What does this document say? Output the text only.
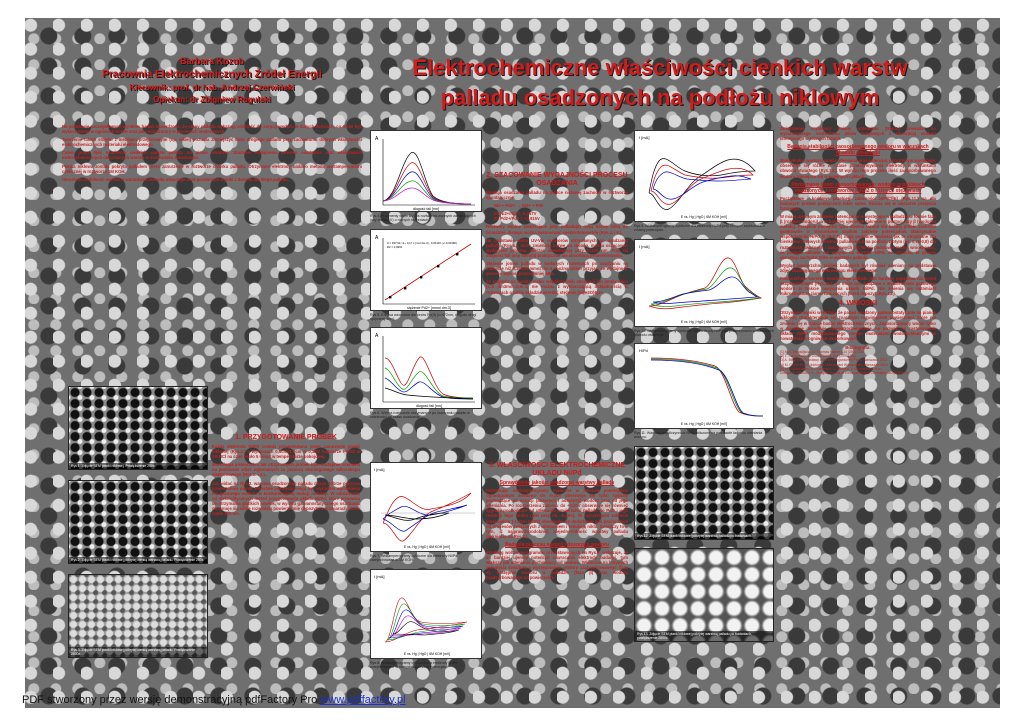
Barbara Kozub
Pracownia Elektrochemicznych Źródeł Energii
Kierownik: prof. dr hab. Andrzej Czerwiński
Opiekun: dr Zbigniew Rogulski
Elektrochemiczne właściwości cienkich warstw
palladu osadzonych na podłożu niklowym

Na podstawie szczegółowych wyników badań stwierdzono, że stopy palladu wykazują zdolność do sorpcji wodoru w dużych ilościach, co może być wykorzystane w ogniwach Ni-MH oraz jako katalizatory w procesach wodorowych.

Tworzenie takich stopów z metalami przejściowymi (np. nikiel) pozwala zmniejszyć ilość drogiego palladu przy zachowaniu dobrych właściwości elektrochemicznych materiału elektrodowego.

Celem pracy było osadzenie cienkich warstw palladu na pianie niklowej, zbadanie wydajności procesu osadzania oraz właściwości elektrochemicznych otrzymanych warstw w środowisku zasadowym.

Pianka niklowa została pokryta palladem przez zanurzenie w roztworze chlorku palladu. Otrzymane elektrody badano metodą woltamperometrii cyklicznej w roztworze 1M KOH.

Określono stabilność warstw w warunkach obwodu otwartego oraz porównano wyniki z danymi dla litego palladu.

Rys.1. Zdjęcie SEM pianki niklowej. Powiększenie 250x.
Rys.2. Zdjęcie SEM pianki niklowej pokrytej cienką warstwą palladu. Powiększenie 250x.
Rys.3. Zdjęcie SEM pianki niklowej pokrytej cienką warstwą palladu. Powiększenie 2500x.
1. PRZYGOTOWANIE PRÓBEK

Każda elektroda Ni/Pd została przygotowana przez zanurzenie pianki niklowej (Rys.1.) o wymiarach 0,5cmx1,0cm w 0,11M roztworze PdCl2 w 1M HCl na czas około 5 minut w temperaturze pokojowej.

Morfologia powierzchni tak otrzymanych próbek była następnie oceniana na podstawie zdjęć wykonanych za pomocą skaningowego mikroskopu elektronowego (Rys.2. i 3.).

Jak widać na Rys.2. warstwa osadzonego palladu dosyć dobrze pokrywa powierzchnię pianki. Powstałe pęknięcia mogą być wynikiem wydzielenia się gazowego wodoru w konkurencyjnej reakcji redukcji. W odróżnieniu od elektrolitycznych metod przygotowania układu Ni/Pd, które prowadzą do otrzymania gładkich powłok, w wyniku galwanostatycznego osadzania otrzymuje się silnie rozwiniętą powierzchnię depozytu o rozmiarach ziaren rzędu 100 nm.

A
długość fali [nm]
Rys.4. Fragmenty widm UV-Vis roztworów wodnych zawierających jony palladu(II) o różnych stężeniach.
A
A = 937,94 ×1+ 0,17 x [mol dm-3] - 0,00116 (+/-0,00460)
R2 = 0,9991
stężenie Pd2+ [mmol dm-3]
Rys.5. Krzywa wzorcowa dla jonów Pd(II) (λ=472nm, długość drogi optycznej 1cm).
A
długość fali [nm]
Rys.6. Widma roztworów otrzymanych po osadzaniu palladu w zależności od czasu osadzania.
2. SZACOWANIE WYDAJNOŚCI PROCESU
OSADZANIA

Reakcja osadzania palladu na piance niklowej zachodzi w roztworze spontanicznie:

Ni0 + Pd2+ → Ni2+ + Pd0

E0 Ni2+/Ni0 = -0,257V

E0 Pd2+/Pd0 = +0,915V

Roztwory wodne zawierające jony palladu(II) mają barwę żółtą do brunatnej, dlatego można zastosować spektrofotometrię (Rys.4. i 5.).

Na podstawie widm UV-Vis roztworów otrzymanych po osadzaniu palladu (Rys.6.), które zmieniają barwę na zieloną, można oszacować wydajność procesu mierząc absorbancję przy λ=472 nm. Przy tej długości fali jony niklu(II) praktycznie nie absorbują promieniowania.

Stężenie jonów palladu w badanych roztworach po osadzaniu są mniejsze niż 0,35036 mmol dm-3, można zatem przyjąć, że wydajność procesu wynosi przynajmniej 99%.

Ze względu na bardzo niskie współczynniki absorpcji dla jonów niklu (ε=5 dm3mol-1cm-1) nie można z wystarczającą dokładnością w roztworach o takim składzie określić stężenia [Ni(H2O)6]2+.

3. WŁAŚCIWOŚCI ELEKTROCHEMICZNE
UKŁADU Ni/Pd
Sprawdzenie jakości osadzonej warstwy palladu

Rejestrując woltamperogramy cykliczne w zakresie potencjałów ograniczonym anodowo do -0,10V obserwuje się tylko sygnały pochodzące od sorpcji (absorpcji i adsorpcji) wodoru oraz od jego utleniania. Po rozszerzeniu zakresu do +0,30V obserwuje się również sygnały pochodzące od utleniania powierzchni palladu do PdO i jego redukcji tego tlenku (piki przy ok. -0,20V). W najszerszym zakresie potencjałów (-1,10V÷0,55V) obserwuje się dodatkowo piki pochodzące od procesów związanych z utlenianiem i redukcją niklu. Świadczy to o tym, iż najprawdopodobniej niejednorodność warstwy palladu (pęknięcia na Rys.2.).

Badania procesu sorpcji i desorpcji wodoru

Przebieg woltamperogramów przedstawionych na Rys.8. wskazuje, że im bardziej ujemny potencjał zawracania elektrody badanej, tym większy pik utleniania pochodzący od wodoru. Widoczne na krzywych przegięcia świadczą o występowaniu wodoru zaabsorbowanego (faza α), następnie wodoru w palladzie (faza β) oraz wodoru zaadsorbowanego na powierzchni.

I [mA]
E vs. Hg | HgO | 6M KOH [mV]
Rys.7. Woltamperogramy cykliczne dla elektrody Ni/Pd zarejestrowane w 1M KOH.
I [mA]
E vs. Hg | HgO | 6M KOH [mV]
Rys.8. Woltamperogramy cykliczne dla elektrody Ni/Pd zarejestrowane w różnych zakresach potencjału.
I [mA]
E vs. Hg | HgO | 6M KOH [mV]
Rys.9. Woltamperogramy cykliczne dla elektrody Ni/Pd przy różnych szybkościach zmiany potencjału.
I [mA]
E vs. Hg | HgO | 6M KOH [mV]
Rys.10. Woltamperogramy cykliczne dla elektrody Ni/Pd po przetrzymaniu w warunkach obwodu otwartego.
H/Pd
E vs. Hg | HgO | 6M KOH [mV]
Rys.11. Wartości współczynnika H/Pd obliczone na podstawie ładunku utleniania wodoru.
Rys.12. Zdjęcie SEM pianki niklowej pokrytej warstwą palladu po badaniach.
Rys.13. Zdjęcie SEM pianki niklowej pokrytej warstwą palladu po badaniach, powiększenie 2500x.

Zwiększenie szybkości zmiany potencjału (Rys.9.) prowadzi do wyraźniejszego rozdzielenia pików związanych z desorpcją wodoru istniejącego w różnych fazach.

Badanie stabilności zaosorbowanego wodoru w warunkach obwodu otwartego

Maksymalne wartości prądu utleniania oraz potencjał, przy którym występuje, obserwuje się różnie w czasie przetrzymywania elektrody w warunkach obwodu otwartego (Rys.10.). W wyniku tego procesu ilość zaabsorbowanego wodoru zmniejsza się w kolejnych cyklach.

Porównanie ilości zaosorbowanego wodoru w próbkach osadzonych z roztworów PdCl2 o różnych stężeniach

Początkowe i końcowe przebiegi zależności H/Pd=f(E) (Rys.11.) są dla badanych próbek praktycznie takie same. Różnią się w obszarze przejścia fazowego.

W miarę ujemnym zakresie potencjałów H występuje w palladzie w formie fazy β (roztwór wodoru), a w bardziej ujemnym zakresie w postaci fazy β (wodorku metalu). Przejście pomiędzy tymi dwoma fazami dla każdej próbki zachodzi gwałtownie w stosunkowo wąskim zakresie potencjałów. Maksymalne współczynniki H/Pd (0,78-0,76) mają podobne wartości jak te otrzymane dla cienkowarstwowych elektrod palladowych na podłożu złotym (ok. 0,75-0,8) dla roztworach kwaśnych i zasadowych [5]. Na tej podstawie można wnioskować, że podłoże niklowe nie wpływa na wartość H/Pd, co oznacza, że proces absorpcji zachodzi tylko w warstwie palladu.

Wygląd powierzchni próbek badanych był również oceniany na podstawie zdjęć skaningowego mikroskopu elektronowego.

Powierzchnia warstwy osadzonego palladu jest bardziej popękana niż przed eksperymentami (Rys.12.), co może być związane z wydzielaniem gazowego wodoru w trakcie nasycania układu Ni/Pd. Nie zmienia się natomiast mikrostruktura ziaren tworzących przed depozyt (Rys.13.).

4. WNIOSKI

Otrzymane wyniki wskazują, że pallad osadzony galwanostatycznie na piance niklowej charakteryzuje się znacznym rozwinięciem powierzchni, które nie zmienia się w trakcie badań elektrochemicznych. Zaabsorbowany wodór tylko w warstwie desorbuje nieelektrochemicznie, co pozwoli na zastosowanie układu Ni/Pd modyfikowanego innymi materiałami wodorochłonnymi w nowatorskich ogniwach wodorkowych.

Bibliografia:
[1] M.A. Brousiljkusz, i.l. Thomas Nature 414 (2001) 332
[2] L. Schlapbach, A. Züttel Nature 414 (2001) 353
[3] A. Bielański: Podstawy chemii nieorganicznej PWN, Warszawa 2002
[4] M. Grdeń Praca doktorska Uniwersytet Warszawski, Warszawa 2001
[5] M. Łukaszewski, A. Czerwiński, J. Zachara, J. Electrochem. Soc.
Dolega, R. Macoski, R. Zentgraf Journal of Electroanalytical Chemistry 460 (1999) 55
PDF stworzony przez wersję demonstracyjną pdfFactory Pro www.pdffactory.pl
